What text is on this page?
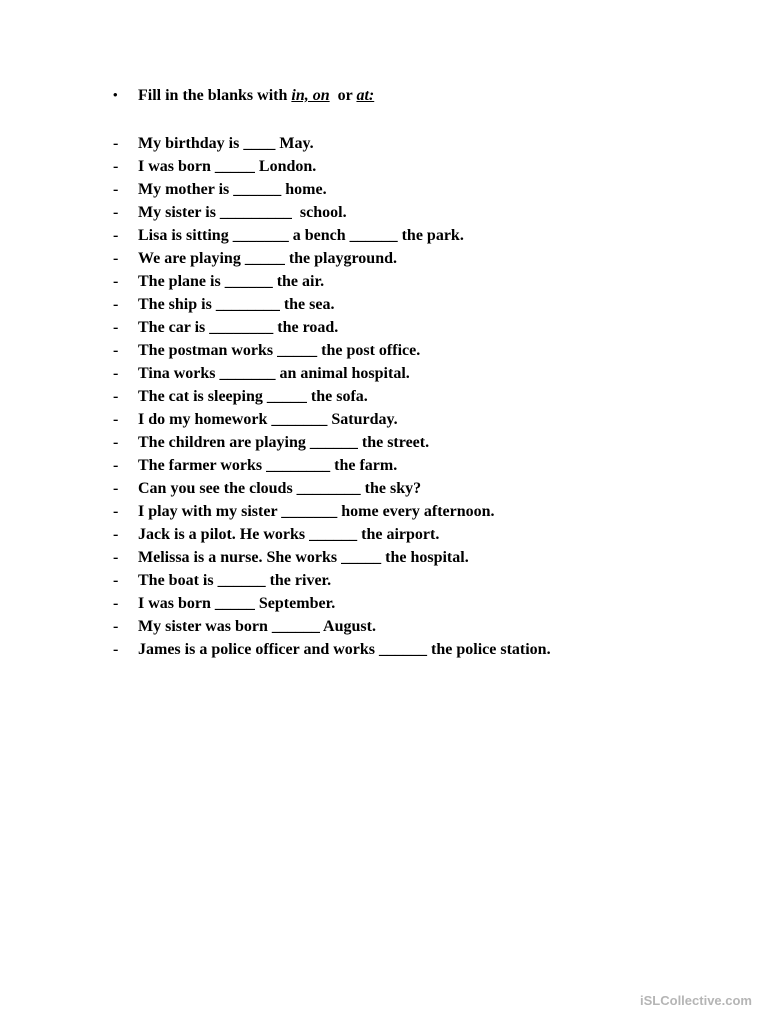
• Fill in the blanks with in, on  or at:
- My birthday is ____ May.
- I was born _____ London.
- My mother is ______ home.
- My sister is _________  school.
- Lisa is sitting _______ a bench ______ the park.
- We are playing _____ the playground.
- The plane is ______ the air.
- The ship is ________ the sea.
- The car is ________ the road.
- The postman works _____ the post office.
- Tina works _______ an animal hospital.
- The cat is sleeping _____ the sofa.
- I do my homework _______ Saturday.
- The children are playing ______ the street.
- The farmer works ________ the farm.
- Can you see the clouds ________ the sky?
- I play with my sister _______ home every afternoon.
- Jack is a pilot. He works ______ the airport.
- Melissa is a nurse. She works _____ the hospital.
- The boat is ______ the river.
- I was born _____ September.
- My sister was born ______ August.
- James is a police officer and works ______ the police station.
iSLCollective.com
